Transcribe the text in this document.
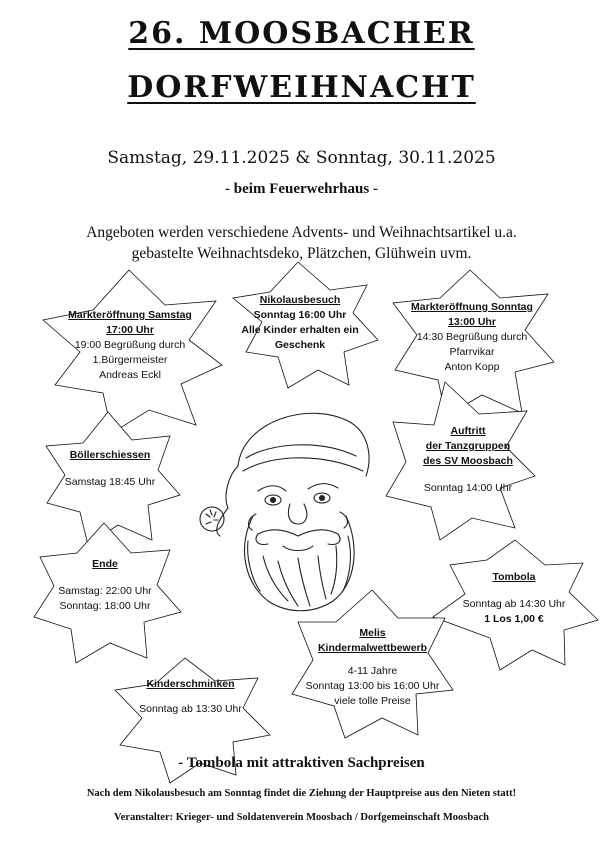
26. MOOSBACHER
DORFWEIHNACHT
Samstag, 29.11.2025 & Sonntag, 30.11.2025
- beim Feuerwehrhaus -
Angeboten werden verschiedene Advents- und Weihnachtsartikel u.a.
gebastelte Weihnachtsdeko, Plätzchen, Glühwein uvm.
Markteröffnung Samstag
17:00 Uhr
19:00 Begrüßung durch
1.Bürgermeister
Andreas Eckl
Nikolausbesuch
Sonntag 16:00 Uhr
Alle Kinder erhalten ein
Geschenk
Markteröffnung Sonntag
13:00 Uhr
14:30 Begrüßung durch
Pfarrvikar
Anton Kopp
Böllerschiessen
Samstag 18:45 Uhr
Auftritt
der Tanzgruppen
des SV Moosbach
Sonntag 14:00 Uhr
Ende
Samstag: 22:00 Uhr
Sonntag: 18:00 Uhr
Tombola
Sonntag ab 14:30 Uhr
1 Los 1,00 €
Melis
Kindermalwettbewerb
4-11 Jahre
Sonntag 13:00 bis 16:00 Uhr
viele tolle Preise
Kinderschminken
Sonntag ab 13:30 Uhr
- Tombola mit attraktiven Sachpreisen
Nach dem Nikolausbesuch am Sonntag findet die Ziehung der Hauptpreise aus den Nieten statt!
Veranstalter: Krieger- und Soldatenverein Moosbach / Dorfgemeinschaft Moosbach
